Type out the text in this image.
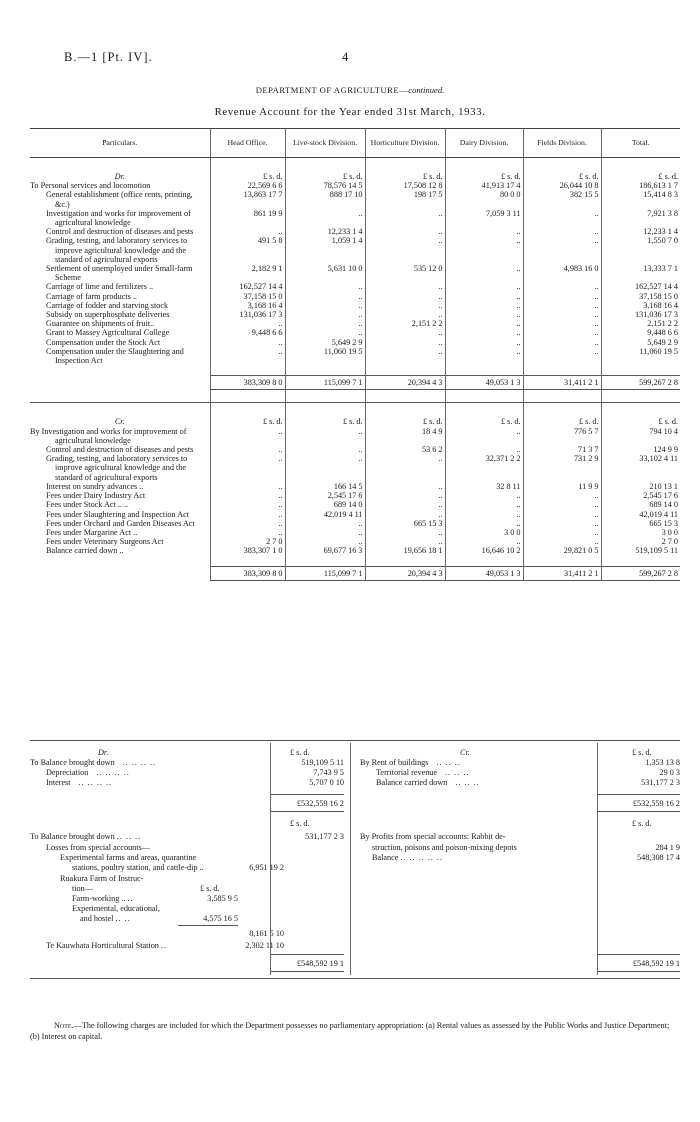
B.—1 [Pt. IV].	4
DEPARTMENT OF AGRICULTURE—continued.
Revenue Account for the Year ended 31st March, 1933.
Particulars.	Head Office.	Live-stock Division.	Horticulture Division.	Dairy Division.	Fields Division.	Total.
Dr.	£ s. d.	£ s. d.	£ s. d.	£ s. d.	£ s. d.	£ s. d.
To Personal services and locomotion	22,569 6 6	78,576 14 5	17,508 12 8	41,913 17 4	26,044 10 8	186,613 1 7
General establishment (office rents, printing, &c.)	13,863 17 7	888 17 10	198 17 5	80 0 0	382 15 5	15,414 8 3
Investigation and works for improvement of agricultural knowledge	861 19 9	..	..	7,059 3 11	..	7,921 3 8
Control and destruction of diseases and pests	..	12,233 1 4	..	..	..	12,233 1 4
Grading, testing, and laboratory services to improve agricultural knowledge and the standard of agricultural exports	491 5 8	1,059 1 4	..	..	..	1,550 7 0
Settlement of unemployed under Small-farm Scheme	2,182 9 1	5,631 10 0	535 12 0	..	4,983 16 0	13,333 7 1
Carriage of lime and fertilizers ..	162,527 14 4	..	..	..	..	162,527 14 4
Carriage of farm products ..	37,158 15 0	..	..	..	..	37,158 15 0
Carriage of fodder and starving stock	3,168 16 4	..	..	..	..	3,168 16 4
Subsidy on superphosphate deliveries	131,036 17 3	..	..	..	..	131,036 17 3
Guarantee on shipments of fruit..	..	..	2,151 2 2	..	..	2,151 2 2
Grant to Massey Agricultural College	9,448 6 6	..	..	..	..	9,448 6 6
Compensation under the Stock Act	..	5,649 2 9	..	..	..	5,649 2 9
Compensation under the Slaughtering and Inspection Act	..	11,060 19 5	..	..	..	11,060 19 5

	383,309 8 0	115,099 7 1	20,394 4 3	49,053 1 3	31,411 2 1	599,267 2 8

Cr.	£ s. d.	£ s. d.	£ s. d.	£ s. d.	£ s. d.	£ s. d.
By Investigation and works for improvement of agricultural knowledge	..	..	18 4 9	..	776 5 7	794 10 4
Control and destruction of diseases and pests	..	..	53 6 2	..	71 3 7	124 9 9
Grading, testing, and laboratory services to improve agricultural knowledge and the standard of agricultural exports	..	..	..	32,371 2 2	731 2 9	33,102 4 11
Interest on sundry advances ..	..	166 14 5	..	32 8 11	11 9 9	210 13 1
Fees under Dairy Industry Act	..	2,545 17 6	..	..	..	2,545 17 6
Fees under Stock Act .. ..	..	689 14 0	..	..	..	689 14 0
Fees under Slaughtering and Inspection Act	..	42,019 4 11	..	..	..	42,019 4 11
Fees under Orchard and Garden Diseases Act	..	..	665 15 3	..	..	665 15 3
Fees under Margarine Act ..	..	..	..	3 0 0	..	3 0 0
Fees under Veterinary Surgeons Act	2 7 0	..	..	..	..	2 7 0
Balance carried down ..	383,307 1 0	69,677 16 3	19,656 18 1	16,646 10 2	29,821 0 5	519,109 5 11

	383,309 8 0	115,099 7 1	20,394 4 3	49,053 1 3	31,411 2 1	599,267 2 8
Dr.	£ s. d.	Cr.	£ s. d.
To Balance brought down .. .. .. ..	519,109 5 11
Depreciation .. .. .. ..	7,743 9 5
Interest .. .. .. ..	5,707 0 10
By Rent of buildings .. .. ..	1,353 13 8
Territorial revenue .. .. ..	29 0 3
Balance carried down .. .. ..	531,177 2 3
£532,559 16 2	£532,559 16 2
£ s. d.	£ s. d.
To Balance brought down .. .. ..	531,177 2 3
Losses from special accounts—
Experimental farms and areas, quarantine
stations, poultry station, and cattle-dip ..	6,951 19 2
Ruakura Farm of Instruc-
tion—	£ s. d.
Farm-working .. ..	3,585 9 5
Experimental, educational,
and hostel .. ..	4,575 16 5
8,161 5 10
Te Kauwhata Horticultural Station ..	2,302 11 10
£548,592 19 1
By Profits from special accounts: Rabbit de-
struction, poisons and poison-mixing depots	284 1 9
Balance .. .. .. .. ..	548,308 17 4
£548,592 19 1
Note.—The following charges are included for which the Department possesses no parliamentary appropriation: (a) Rental values as assessed by the Public Works and Justice Department; (b) Interest on capital.
